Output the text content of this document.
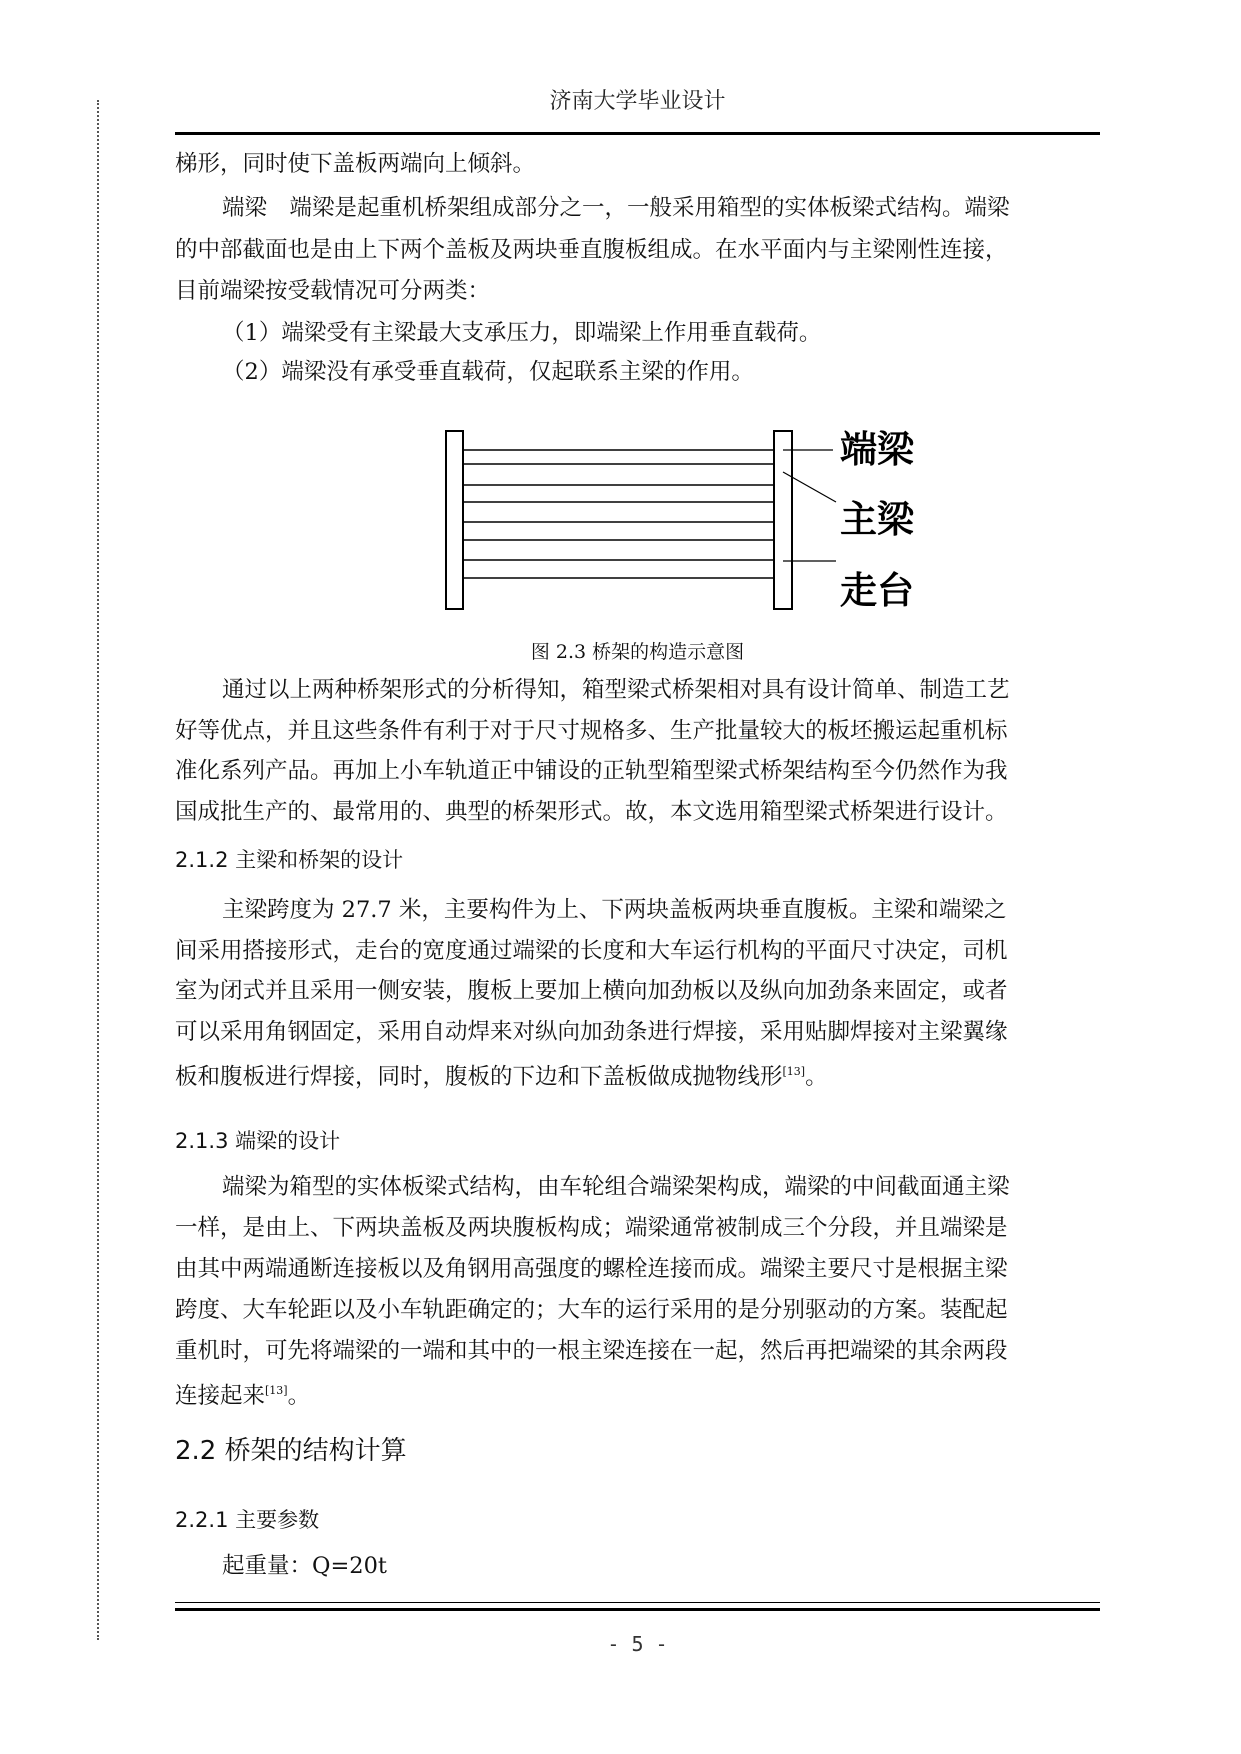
济南大学毕业设计
梯形，同时使下盖板两端向上倾斜。
端梁　端梁是起重机桥架组成部分之一，一般采用箱型的实体板梁式结构。端梁
的中部截面也是由上下两个盖板及两块垂直腹板组成。在水平面内与主梁刚性连接，
目前端梁按受载情况可分两类：
（1）端梁受有主梁最大支承压力，即端梁上作用垂直载荷。
（2）端梁没有承受垂直载荷，仅起联系主梁的作用。
通过以上两种桥架形式的分析得知，箱型梁式桥架相对具有设计简单、制造工艺
好等优点，并且这些条件有利于对于尺寸规格多、生产批量较大的板坯搬运起重机标
准化系列产品。再加上小车轨道正中铺设的正轨型箱型梁式桥架结构至今仍然作为我
国成批生产的、最常用的、典型的桥架形式。故，本文选用箱型梁式桥架进行设计。
2.1.2 主梁和桥架的设计
主梁跨度为 27.7 米，主要构件为上、下两块盖板两块垂直腹板。主梁和端梁之
间采用搭接形式，走台的宽度通过端梁的长度和大车运行机构的平面尺寸决定，司机
室为闭式并且采用一侧安装，腹板上要加上横向加劲板以及纵向加劲条来固定，或者
可以采用角钢固定，采用自动焊来对纵向加劲条进行焊接，采用贴脚焊接对主梁翼缘
板和腹板进行焊接，同时，腹板的下边和下盖板做成抛物线形[13]。
2.1.3 端梁的设计
端梁为箱型的实体板梁式结构，由车轮组合端梁架构成，端梁的中间截面通主梁
一样，是由上、下两块盖板及两块腹板构成；端梁通常被制成三个分段，并且端梁是
由其中两端通断连接板以及角钢用高强度的螺栓连接而成。端梁主要尺寸是根据主梁
跨度、大车轮距以及小车轨距确定的；大车的运行采用的是分别驱动的方案。装配起
重机时，可先将端梁的一端和其中的一根主梁连接在一起，然后再把端梁的其余两段
连接起来[13]。
2.2 桥架的结构计算
2.2.1 主要参数
起重量：Q=20t
端梁
主梁
走台
图 2.3 桥架的构造示意图
- 5 -
